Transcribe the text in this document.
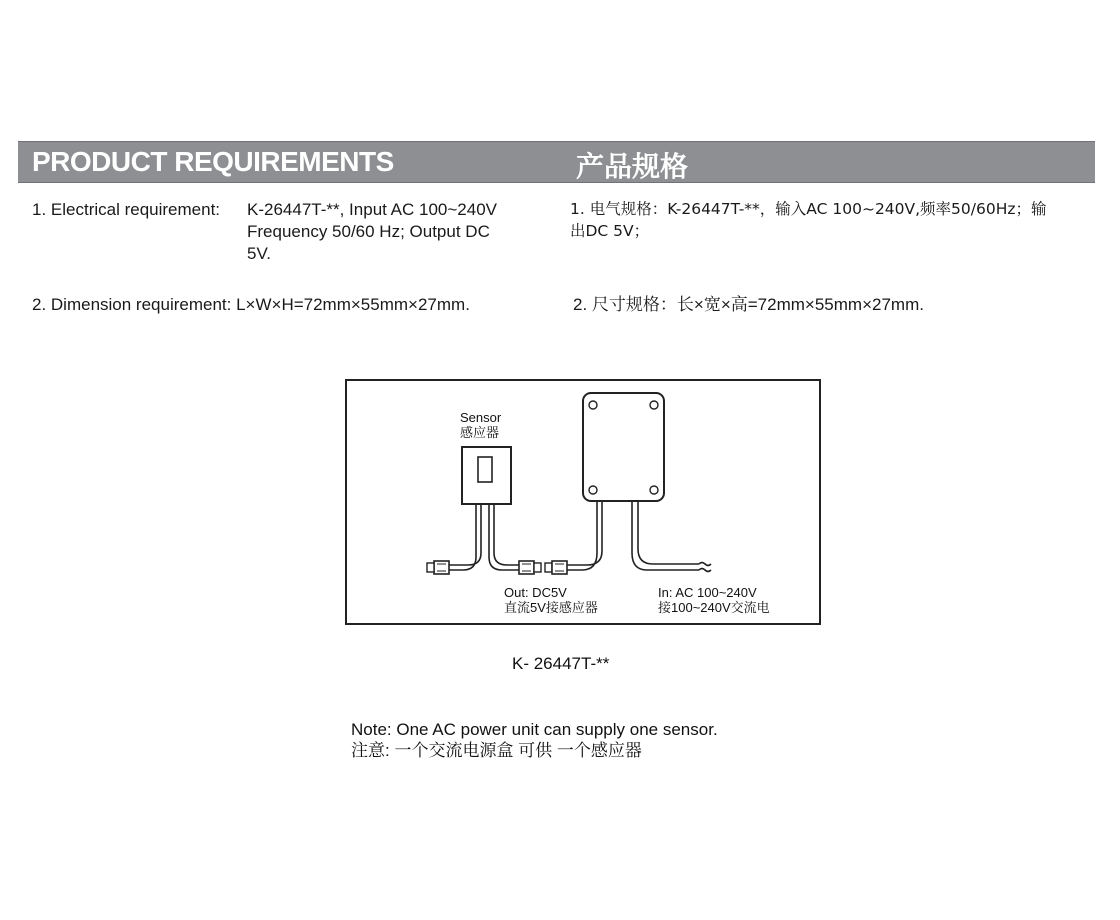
PRODUCT REQUIREMENTS	产品规格
1. Electrical requirement: K-26447T-**, Input AC 100~240V
Frequency 50/60 Hz; Output DC
5V.
2. Dimension requirement: L×W×H=72mm×55mm×27mm.
1. 电气规格：K-26447T-**，输入AC 100~240V,频率50/60Hz；输
出DC 5V；
2. 尺寸规格：长×宽×高=72mm×55mm×27mm.
Sensor
感应器
Out: DC5V
直流5V接感应器
In: AC 100~240V
接100~240V交流电
K- 26447T-**
Note: One AC power unit can supply one sensor.
注意: 一个交流电源盒 可供 一个感应器
